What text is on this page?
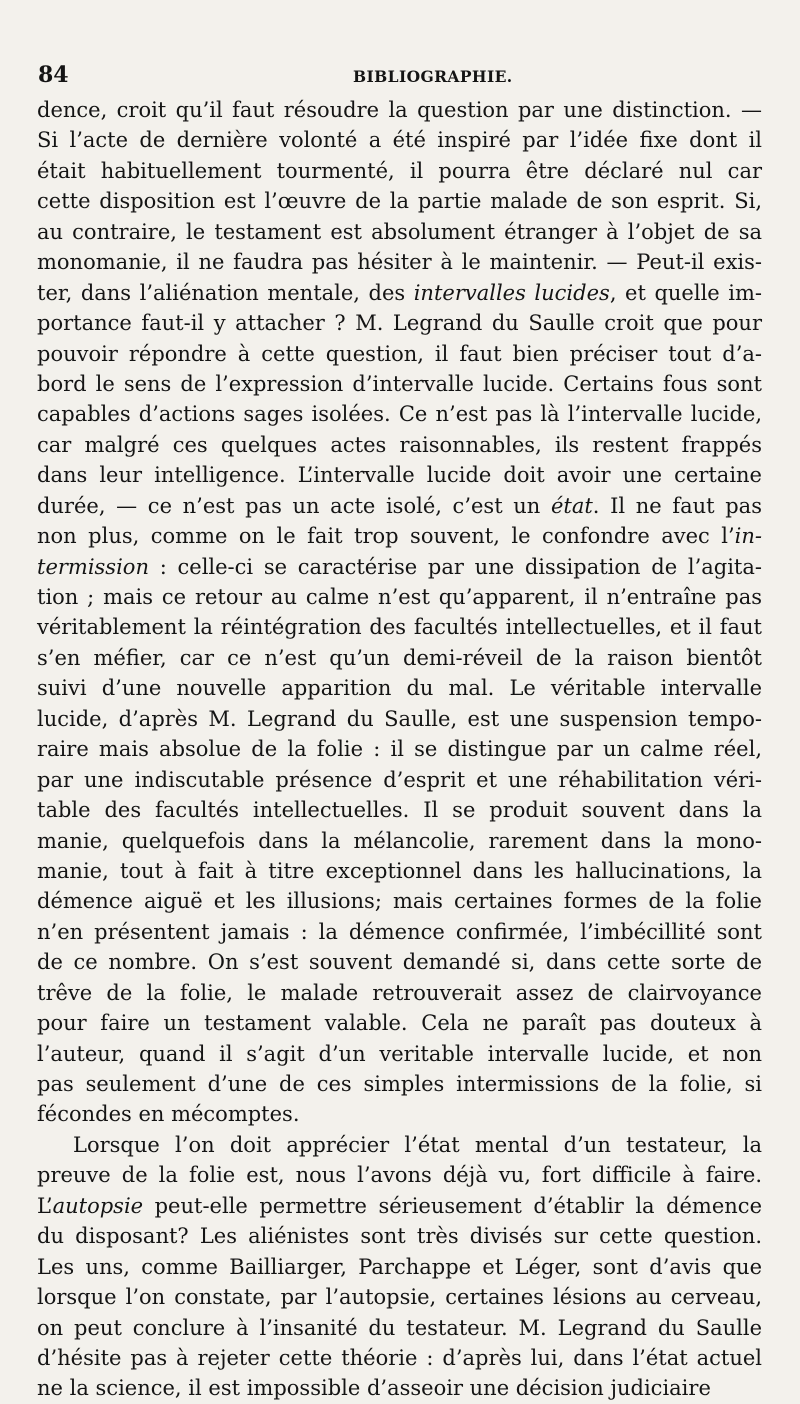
84	BIBLIOGRAPHIE.
dence, croit qu’il faut résoudre la question par une distinction. —
Si l’acte de dernière volonté a été inspiré par l’idée fixe dont il
était habituellement tourmenté, il pourra être déclaré nul car
cette disposition est l’œuvre de la partie malade de son esprit. Si,
au contraire, le testament est absolument étranger à l’objet de sa
monomanie, il ne faudra pas hésiter à le maintenir. — Peut-il exis-
ter, dans l’aliénation mentale, des intervalles lucides, et quelle im-
portance faut-il y attacher ? M. Legrand du Saulle croit que pour
pouvoir répondre à cette question, il faut bien préciser tout d’a-
bord le sens de l’expression d’intervalle lucide. Certains fous sont
capables d’actions sages isolées. Ce n’est pas là l’intervalle lucide,
car malgré ces quelques actes raisonnables, ils restent frappés
dans leur intelligence. L’intervalle lucide doit avoir une certaine
durée, — ce n’est pas un acte isolé, c’est un état. Il ne faut pas
non plus, comme on le fait trop souvent, le confondre avec l’in-
termission : celle-ci se caractérise par une dissipation de l’agita-
tion ; mais ce retour au calme n’est qu’apparent, il n’entraîne pas
véritablement la réintégration des facultés intellectuelles, et il faut
s’en méfier, car ce n’est qu’un demi-réveil de la raison bientôt
suivi d’une nouvelle apparition du mal. Le véritable intervalle
lucide, d’après M. Legrand du Saulle, est une suspension tempo-
raire mais absolue de la folie : il se distingue par un calme réel,
par une indiscutable présence d’esprit et une réhabilitation véri-
table des facultés intellectuelles. Il se produit souvent dans la
manie, quelquefois dans la mélancolie, rarement dans la mono-
manie, tout à fait à titre exceptionnel dans les hallucinations, la
démence aiguë et les illusions; mais certaines formes de la folie
n’en présentent jamais : la démence confirmée, l’imbécillité sont
de ce nombre. On s’est souvent demandé si, dans cette sorte de
trêve de la folie, le malade retrouverait assez de clairvoyance
pour faire un testament valable. Cela ne paraît pas douteux à
l’auteur, quand il s’agit d’un veritable intervalle lucide, et non
pas seulement d’une de ces simples intermissions de la folie, si
fécondes en mécomptes.
Lorsque l’on doit apprécier l’état mental d’un testateur, la
preuve de la folie est, nous l’avons déjà vu, fort difficile à faire.
L’autopsie peut-elle permettre sérieusement d’établir la démence
du disposant? Les aliénistes sont très divisés sur cette question.
Les uns, comme Bailliarger, Parchappe et Léger, sont d’avis que
lorsque l’on constate, par l’autopsie, certaines lésions au cerveau,
on peut conclure à l’insanité du testateur. M. Legrand du Saulle
d’hésite pas à rejeter cette théorie : d’après lui, dans l’état actuel
ne la science, il est impossible d’asseoir une décision judiciaire
